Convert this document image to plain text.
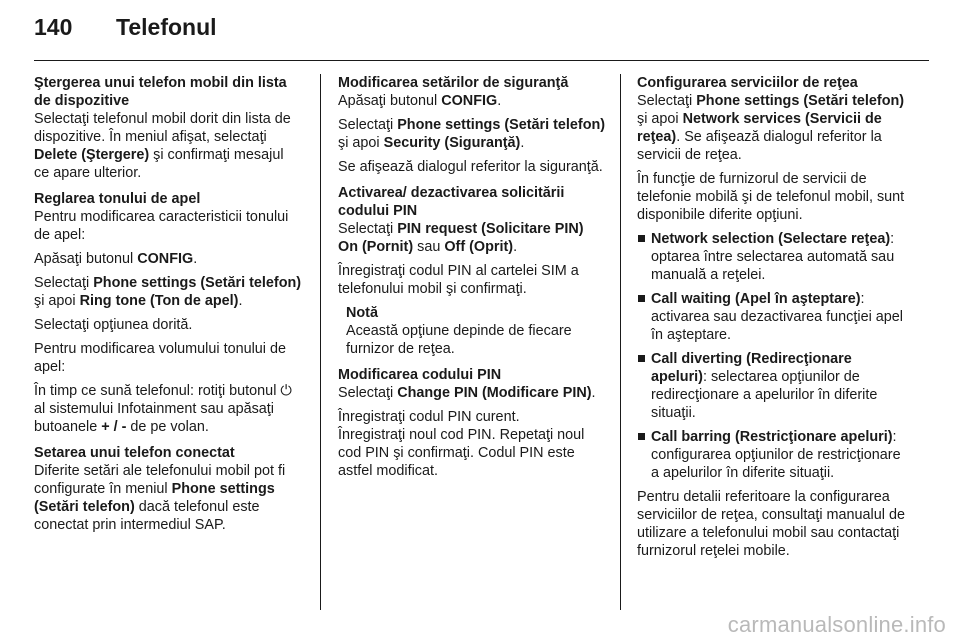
140	Telefonul
Ştergerea unui telefon mobil din lista de dispozitive

Selectaţi telefonul mobil dorit din lista de dispozitive. În meniul afişat, selectaţi Delete (Ştergere) şi confirmaţi mesajul ce apare ulterior.

Reglarea tonului de apel

Pentru modificarea caracteristicii tonului de apel:

Apăsaţi butonul CONFIG.

Selectaţi Phone settings (Setări telefon) şi apoi Ring tone (Ton de apel).

Selectaţi opţiunea dorită.

Pentru modificarea volumului tonului de apel:

În timp ce sună telefonul: rotiţi butonul ⏻ al sistemului Infotainment sau apăsaţi butoanele + / - de pe volan.

Setarea unui telefon conectat

Diferite setări ale telefonului mobil pot fi configurate în meniul Phone settings (Setări telefon) dacă telefonul este conectat prin intermediul SAP.

Modificarea setărilor de siguranţă

Apăsaţi butonul CONFIG.

Selectaţi Phone settings (Setări telefon) şi apoi Security (Siguranţă).

Se afişează dialogul referitor la siguranţă.

Activarea/ dezactivarea solicitării codului PIN

Selectaţi PIN request (Solicitare PIN) On (Pornit) sau Off (Oprit).

Înregistraţi codul PIN al cartelei SIM a telefonului mobil şi confirmaţi.

Notă
Această opţiune depinde de fiecare furnizor de reţea.
Modificarea codului PIN

Selectaţi Change PIN (Modificare PIN).

Înregistraţi codul PIN curent.

Înregistraţi noul cod PIN. Repetaţi noul cod PIN şi confirmaţi. Codul PIN este astfel modificat.

Configurarea serviciilor de reţea

Selectaţi Phone settings (Setări telefon) şi apoi Network services (Servicii de reţea). Se afişează dialogul referitor la servicii de reţea.

În funcţie de furnizorul de servicii de telefonie mobilă şi de telefonul mobil, sunt disponibile diferite opţiuni.

Network selection (Selectare reţea): optarea între selectarea automată sau manuală a reţelei.
Call waiting (Apel în aşteptare): activarea sau dezactivarea funcţiei apel în aşteptare.
Call diverting (Redirecţionare apeluri): selectarea opţiunilor de redirecţionare a apelurilor în diferite situaţii.
Call barring (Restricţionare apeluri): configurarea opţiunilor de restricţionare a apelurilor în diferite situaţii.

Pentru detalii referitoare la configurarea serviciilor de reţea, consultaţi manualul de utilizare a telefonului mobil sau contactaţi furnizorul reţelei mobile.

carmanualsonline.info
